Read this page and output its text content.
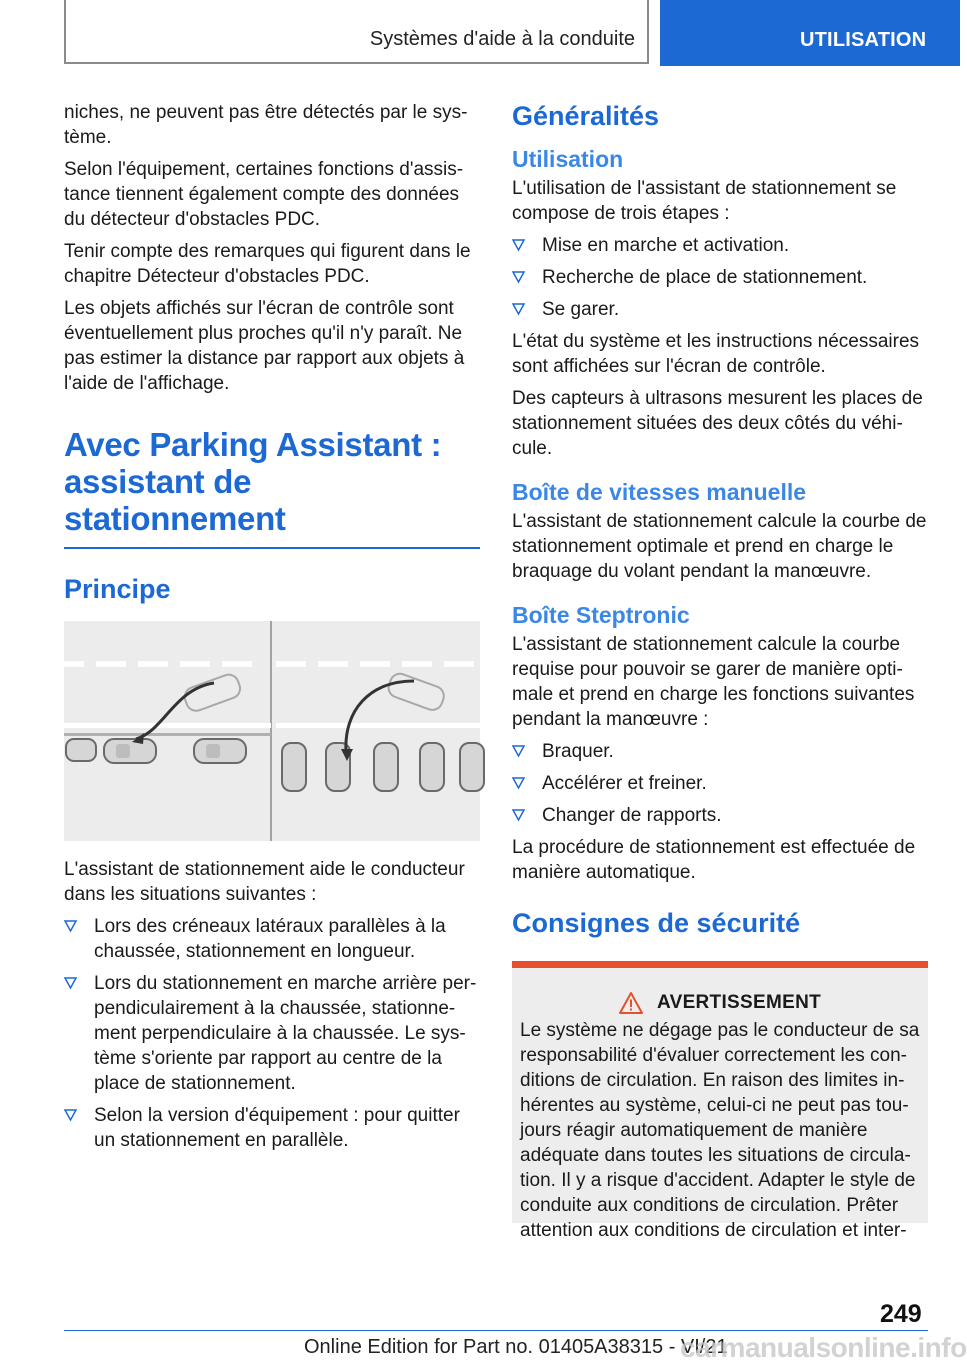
Systèmes d'aide à la conduite	UTILISATION

niches, ne peuvent pas être détectés par le sys-tème.

Selon l'équipement, certaines fonctions d'assis-tance tiennent également compte des données du détecteur d'obstacles PDC.

Tenir compte des remarques qui figurent dans le chapitre Détecteur d'obstacles PDC.

Les objets affichés sur l'écran de contrôle sont éventuellement plus proches qu'il n'y paraît. Ne pas estimer la distance par rapport aux objets à l'aide de l'affichage.

Avec Parking Assistant : assistant de stationnement
Principe

L'assistant de stationnement aide le conducteur dans les situations suivantes :

Lors des créneaux latéraux parallèles à la chaussée, stationnement en longueur.
Lors du stationnement en marche arrière per-pendiculairement à la chaussée, stationne-ment perpendiculaire à la chaussée. Le sys-tème s'oriente par rapport au centre de la place de stationnement.
Selon la version d'équipement : pour quitter un stationnement en parallèle.
Généralités
Utilisation

L'utilisation de l'assistant de stationnement se compose de trois étapes :

Mise en marche et activation.
Recherche de place de stationnement.
Se garer.

L'état du système et les instructions nécessaires sont affichées sur l'écran de contrôle.

Des capteurs à ultrasons mesurent les places de stationnement situées des deux côtés du véhi-cule.

Boîte de vitesses manuelle

L'assistant de stationnement calcule la courbe de stationnement optimale et prend en charge le braquage du volant pendant la manœuvre.

Boîte Steptronic

L'assistant de stationnement calcule la courbe requise pour pouvoir se garer de manière opti-male et prend en charge les fonctions suivantes pendant la manœuvre :

Braquer.
Accélérer et freiner.
Changer de rapports.

La procédure de stationnement est effectuée de manière automatique.

Consignes de sécurité
AVERTISSEMENT

Le système ne dégage pas le conducteur de sa responsabilité d'évaluer correctement les con-ditions de circulation. En raison des limites in-hérentes au système, celui-ci ne peut pas tou-jours réagir automatiquement de manière adéquate dans toutes les situations de circula-tion. Il y a risque d'accident. Adapter le style de conduite aux conditions de circulation. Prêter attention aux conditions de circulation et inter-

249
Online Edition for Part no. 01405A38315 - VI/21
carmanualsonline.info
